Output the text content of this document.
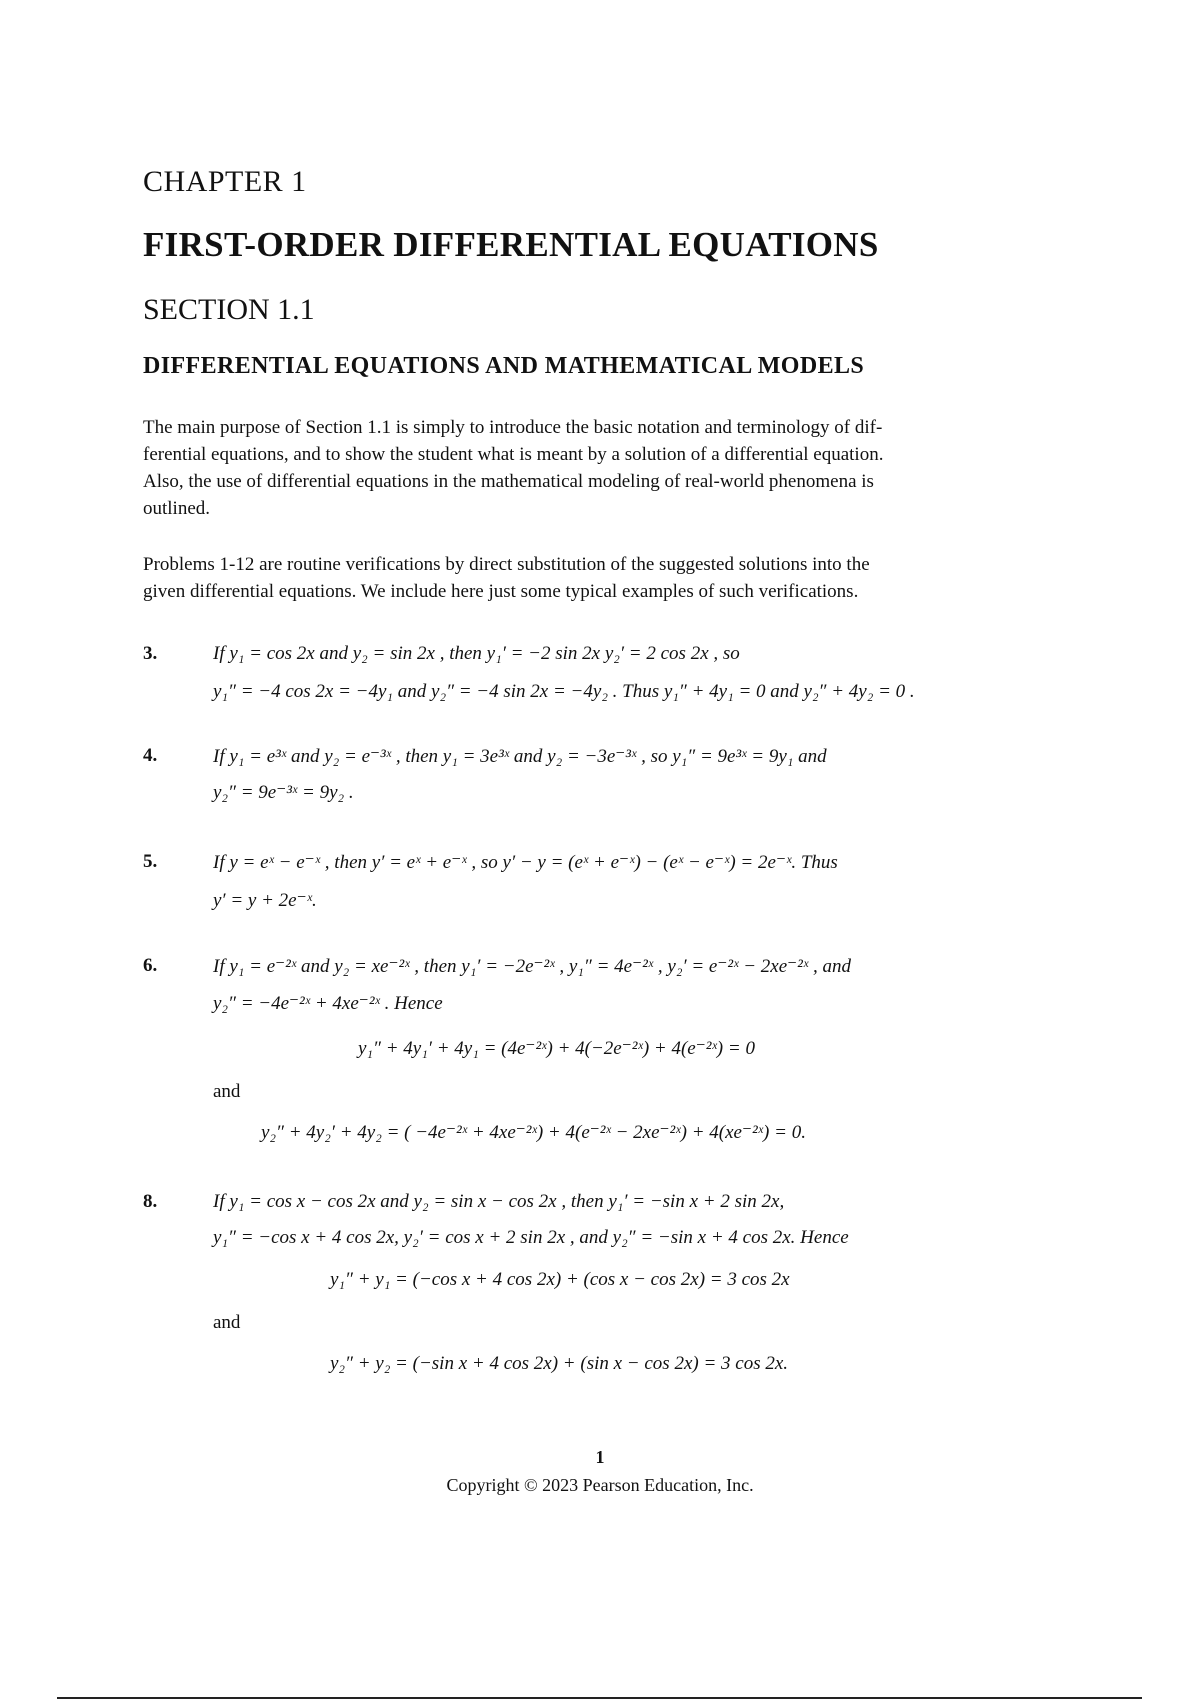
CHAPTER 1
FIRST-ORDER DIFFERENTIAL EQUATIONS
SECTION 1.1
DIFFERENTIAL EQUATIONS AND MATHEMATICAL MODELS

The main purpose of Section 1.1 is simply to introduce the basic notation and terminology of dif-

ferential equations, and to show the student what is meant by a solution of a differential equation.

Also, the use of differential equations in the mathematical modeling of real-world phenomena is

outlined.

Problems 1-12 are routine verifications by direct substitution of the suggested solutions into the

given differential equations. We include here just some typical examples of such verifications.

3.	If y₁ = cos 2x and y₂ = sin 2x , then y₁′ = −2 sin 2x y₂′ = 2 cos 2x , so
y₁″ = −4 cos 2x = −4y₁ and y₂″ = −4 sin 2x = −4y₂ . Thus y₁″ + 4y₁ = 0 and y₂″ + 4y₂ = 0 .
4.	If y₁ = e³ˣ and y₂ = e⁻³ˣ , then y₁ = 3e³ˣ and y₂ = −3e⁻³ˣ , so y₁″ = 9e³ˣ = 9y₁ and
y₂″ = 9e⁻³ˣ = 9y₂ .
5.	If y = eˣ − e⁻ˣ , then y′ = eˣ + e⁻ˣ , so y′ − y = (eˣ + e⁻ˣ) − (eˣ − e⁻ˣ) = 2e⁻ˣ. Thus
y′ = y + 2e⁻ˣ.
6.	If y₁ = e⁻²ˣ and y₂ = xe⁻²ˣ , then y₁′ = −2e⁻²ˣ , y₁″ = 4e⁻²ˣ , y₂′ = e⁻²ˣ − 2xe⁻²ˣ , and
y₂″ = −4e⁻²ˣ + 4xe⁻²ˣ . Hence
y₁″ + 4y₁′ + 4y₁ = (4e⁻²ˣ) + 4(−2e⁻²ˣ) + 4(e⁻²ˣ) = 0
and
y₂″ + 4y₂′ + 4y₂ = ( −4e⁻²ˣ + 4xe⁻²ˣ) + 4(e⁻²ˣ − 2xe⁻²ˣ) + 4(xe⁻²ˣ) = 0.
8.	If y₁ = cos x − cos 2x and y₂ = sin x − cos 2x , then y₁′ = −sin x + 2 sin 2x,
y₁″ = −cos x + 4 cos 2x, y₂′ = cos x + 2 sin 2x , and y₂″ = −sin x + 4 cos 2x. Hence
y₁″ + y₁ = (−cos x + 4 cos 2x) + (cos x − cos 2x) = 3 cos 2x
and
y₂″ + y₂ = (−sin x + 4 cos 2x) + (sin x − cos 2x) = 3 cos 2x.
1
Copyright © 2023 Pearson Education, Inc.
